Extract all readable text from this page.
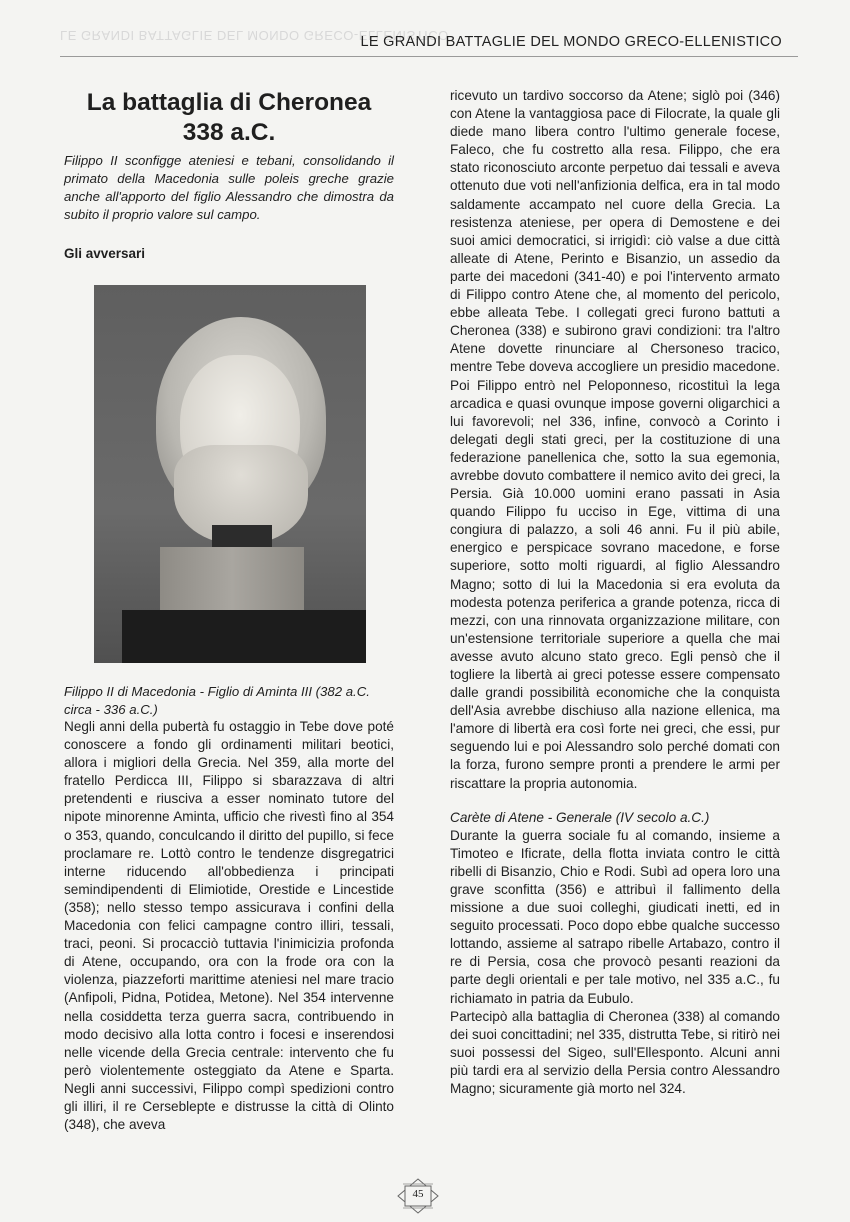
LE GRANDI BATTAGLIE DEL MONDO GRECO-ELLENISTICO
LE GRANDI BATTAGLIE DEL MONDO GRECO-ELLENISTICO
La battaglia di Cheronea
338 a.C.

Filippo II sconfigge ateniesi e tebani, consolidando il primato della Macedonia sulle poleis greche grazie anche all'apporto del figlio Alessandro che dimostra da subito il proprio valore sul campo.

Gli avversari

Filippo II di Macedonia - Figlio di Aminta III (382 a.C. circa - 336 a.C.)

Negli anni della pubertà fu ostaggio in Tebe dove poté conoscere a fondo gli ordinamenti militari beotici, allora i migliori della Grecia. Nel 359, alla morte del fratello Perdicca III, Filippo si sbarazzava di altri pretendenti e riusciva a esser nominato tutore del nipote minorenne Aminta, ufficio che rivestì fino al 354 o 353, quando, conculcando il diritto del pupillo, si fece proclamare re. Lottò contro le tendenze disgregatrici interne riducendo all'obbedienza i principati semindipendenti di Elimiotide, Orestide e Lincestide (358); nello stesso tempo assicurava i confini della Macedonia con felici campagne contro illiri, tessali, traci, peoni. Si procacciò tuttavia l'inimicizia profonda di Atene, occupando, ora con la frode ora con la violenza, piazzeforti marittime ateniesi nel mare tracio (Anfipoli, Pidna, Potidea, Metone). Nel 354 intervenne nella cosiddetta terza guerra sacra, contribuendo in modo decisivo alla lotta contro i focesi e inserendosi nelle vicende della Grecia centrale: intervento che fu però violentemente osteggiato da Atene e Sparta. Negli anni successivi, Filippo compì spedizioni contro gli illiri, il re Cerseblepte e distrusse la città di Olinto (348), che aveva

ricevuto un tardivo soccorso da Atene; siglò poi (346) con Atene la vantaggiosa pace di Filocrate, la quale gli diede mano libera contro l'ultimo generale focese, Faleco, che fu costretto alla resa. Filippo, che era stato riconosciuto arconte perpetuo dai tessali e aveva ottenuto due voti nell'anfizionia delfica, era in tal modo saldamente accampato nel cuore della Grecia. La resistenza ateniese, per opera di Demostene e dei suoi amici democratici, si irrigidì: ciò valse a due città alleate di Atene, Perinto e Bisanzio, un assedio da parte dei macedoni (341-40) e poi l'intervento armato di Filippo contro Atene che, al momento del pericolo, ebbe alleata Tebe. I collegati greci furono battuti a Cheronea (338) e subirono gravi condizioni: tra l'altro Atene dovette rinunciare al Chersoneso tracico, mentre Tebe doveva accogliere un presidio macedone. Poi Filippo entrò nel Peloponneso, ricostituì la lega arcadica e quasi ovunque impose governi oligarchici a lui favorevoli; nel 336, infine, convocò a Corinto i delegati degli stati greci, per la costituzione di una federazione panellenica che, sotto la sua egemonia, avrebbe dovuto combattere il nemico avito dei greci, la Persia. Già 10.000 uomini erano passati in Asia quando Filippo fu ucciso in Ege, vittima di una congiura di palazzo, a soli 46 anni. Fu il più abile, energico e perspicace sovrano macedone, e forse superiore, sotto molti riguardi, al figlio Alessandro Magno; sotto di lui la Macedonia si era evoluta da modesta potenza periferica a grande potenza, ricca di mezzi, con una rinnovata organizzazione militare, con un'estensione territoriale superiore a quella che mai avesse avuto alcuno stato greco. Egli pensò che il togliere la libertà ai greci potesse essere compensato dalle grandi possibilità economiche che la conquista dell'Asia avrebbe dischiuso alla nazione ellenica, ma l'amore di libertà era così forte nei greci, che essi, pur seguendo lui e poi Alessandro solo perché domati con la forza, furono sempre pronti a prendere le armi per riscattare la propria autonomia.

Carète di Atene - Generale (IV secolo a.C.)

Durante la guerra sociale fu al comando, insieme a Timoteo e Ificrate, della flotta inviata contro le città ribelli di Bisanzio, Chio e Rodi. Subì ad opera loro una grave sconfitta (356) e attribuì il fallimento della missione a due suoi colleghi, giudicati inetti, ed in seguito processati. Poco dopo ebbe qualche successo lottando, assieme al satrapo ribelle Artabazo, contro il re di Persia, cosa che provocò pesanti reazioni da parte degli orientali e per tale motivo, nel 335 a.C., fu richiamato in patria da Eubulo.

Partecipò alla battaglia di Cheronea (338) al comando dei suoi concittadini; nel 335, distrutta Tebe, si ritirò nei suoi possessi del Sigeo, sull'Ellesponto. Alcuni anni più tardi era al servizio della Persia contro Alessandro Magno; sicuramente già morto nel 324.

45
